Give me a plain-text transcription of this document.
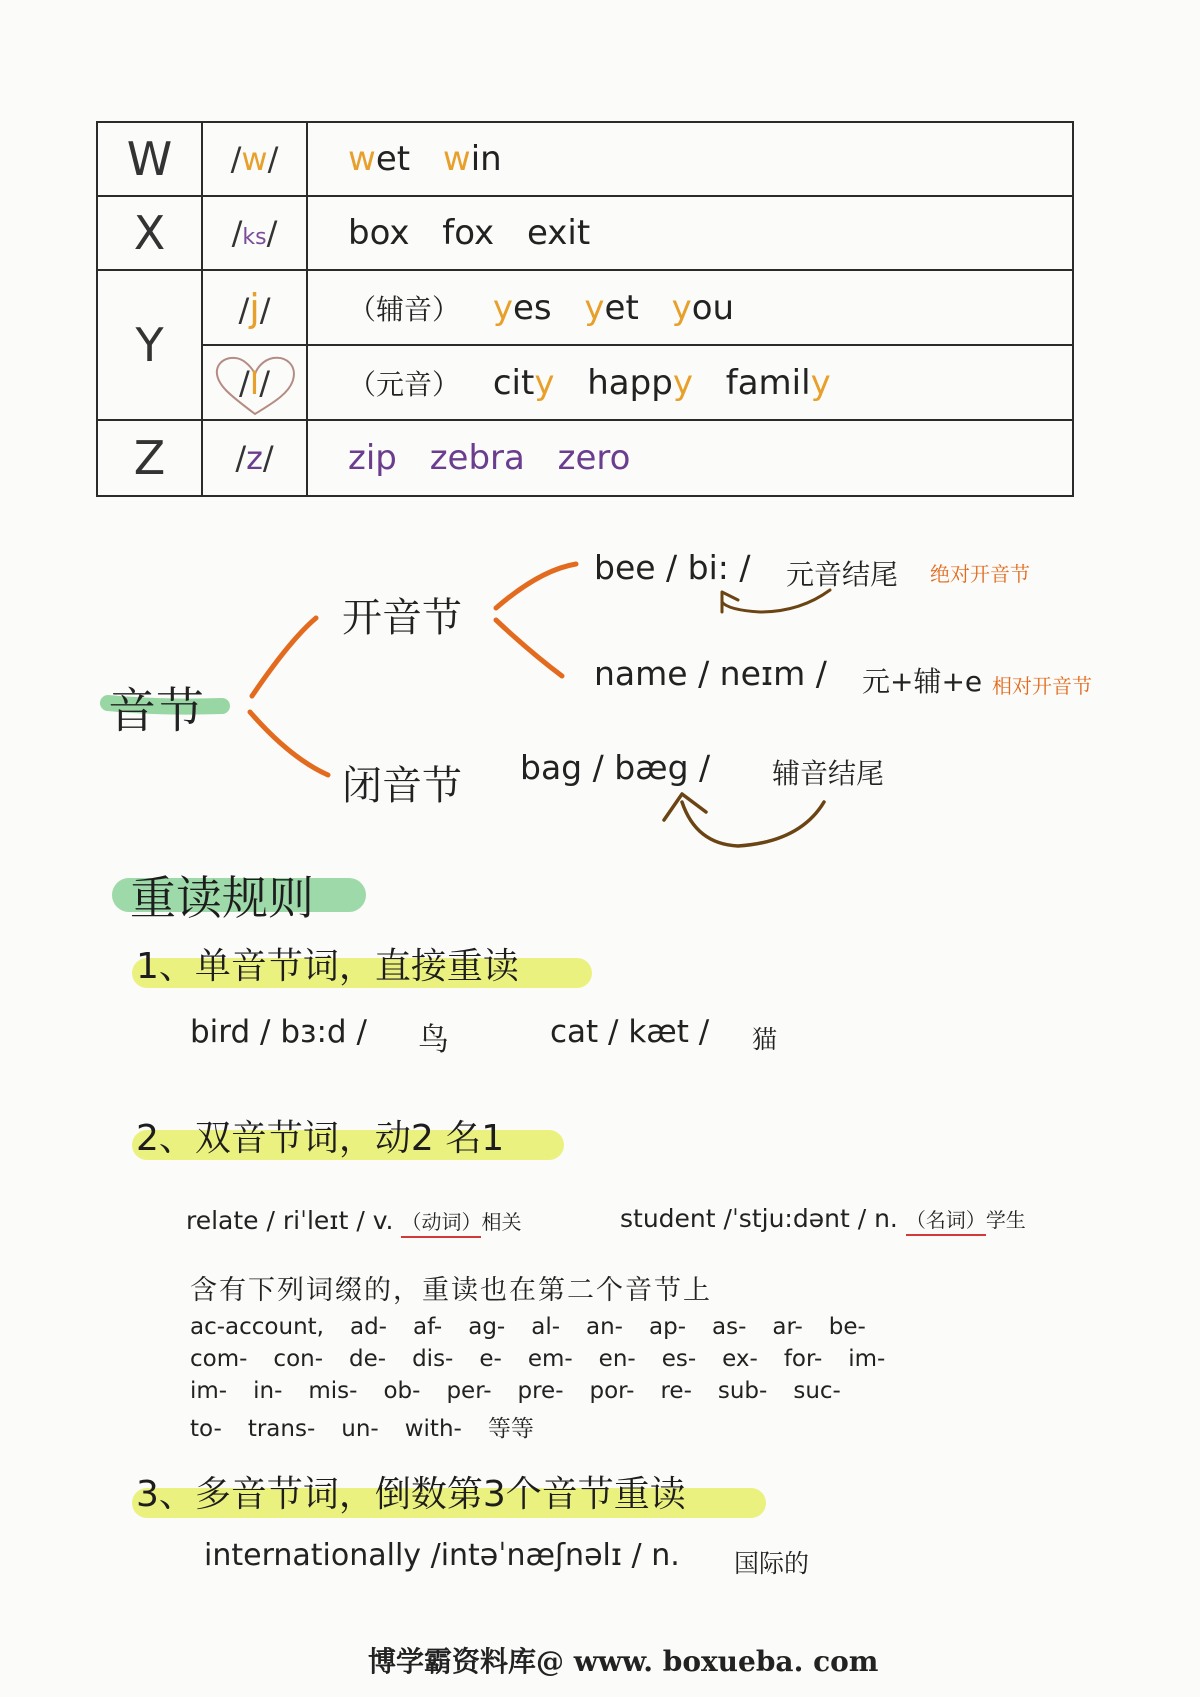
W	/w/	wet win
X	/ks/	box fox exit
Y	/j/	（辅音） yes yet you

/I/	（元音） city happy family
Z	/z/	zip zebra zero
音节
开音节
闭音节
bee / bi: / 元音结尾 绝对开音节
name / neɪm / 元+辅+e 相对开音节
bag / bæg / 辅音结尾
重读规则
1、单音节词，直接重读
bird / bɜ:d / 鸟	cat / kæt / 猫
2、双音节词，动2 名1
relate / riˈleɪt / v. （动词）相关	student /ˈstju:dənt / n. （名词）学生
含有下列词缀的，重读也在第二个音节上
ac-account, ad- af- ag- al- an- ap- as- ar- be-
com- con- de- dis- e- em- en- es- ex- for- im-
im- in- mis- ob- per- pre- por- re- sub- suc-
to- trans- un- with- 等等
3、多音节词，倒数第3个音节重读
internationally /intəˈnæʃnəlɪ / n. 国际的
博学霸资料库@ www. boxueba. com
